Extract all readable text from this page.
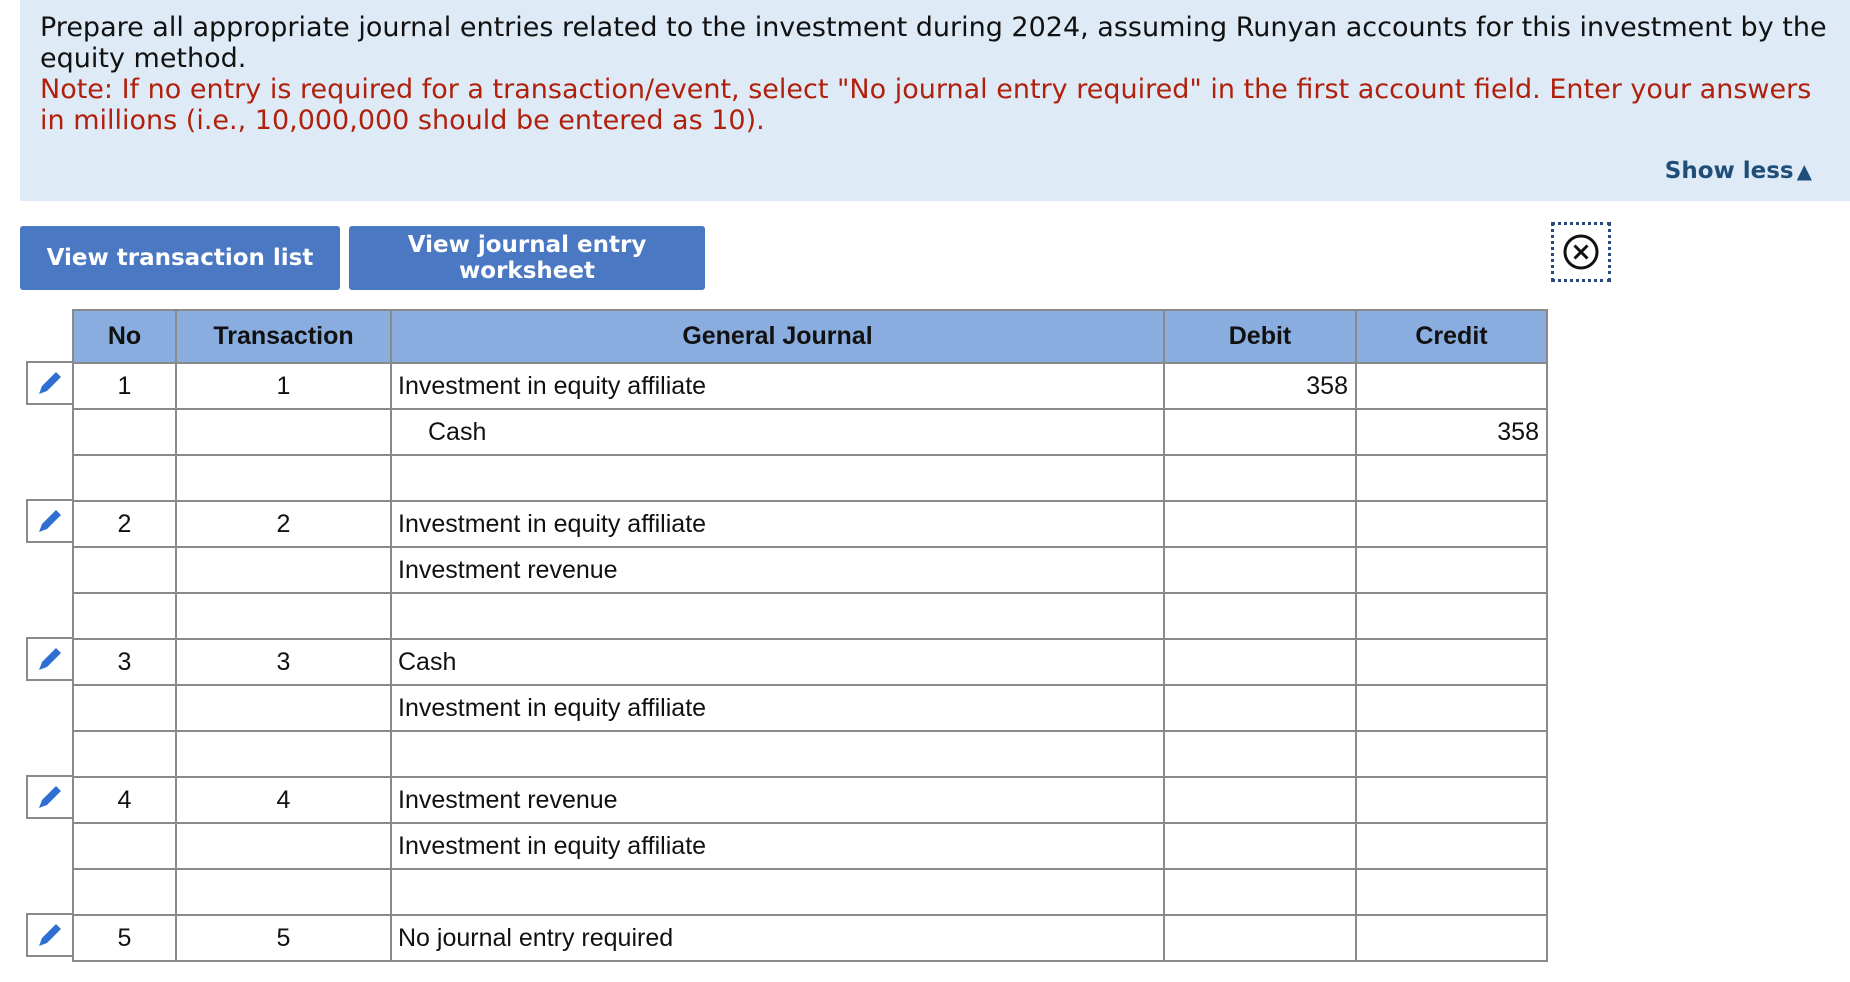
Prepare all appropriate journal entries related to the investment during 2024, assuming Runyan accounts for this investment by the equity method.
Note: If no entry is required for a transaction/event, select "No journal entry required" in the first account field. Enter your answers in millions (i.e., 10,000,000 should be entered as 10).
Show less ▲
View transaction list	View journal entry worksheet
No	Transaction	General Journal	Debit	Credit
1	1	Investment in equity affiliate	358	
		Cash		358

2	2	Investment in equity affiliate		
		Investment revenue		

3	3	Cash		
		Investment in equity affiliate		

4	4	Investment revenue		
		Investment in equity affiliate		

5	5	No journal entry required		
